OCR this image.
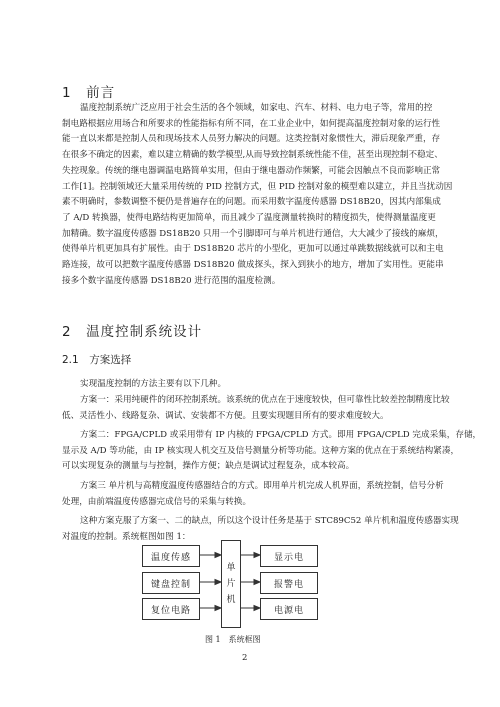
1　前言
温度控制系统广泛应用于社会生活的各个领域，如家电、汽车、材料、电力电子等，常用的控
制电路根据应用场合和所要求的性能指标有所不同，在工业企业中，如何提高温度控制对象的运行性
能一直以来都是控制人员和现场技术人员努力解决的问题。这类控制对象惯性大，滞后现象严重，存
在很多不确定的因素，难以建立精确的数学模型,从而导致控制系统性能不佳，甚至出现控制不稳定、
失控现象。传统的继电器调温电路简单实用，但由于继电器动作频繁，可能会因触点不良而影响正常
工作[1]。控制领域还大量采用传统的 PID 控制方式，但 PID 控制对象的模型难以建立，并且当扰动因
素不明确时，参数调整不便仍是普遍存在的问题。而采用数字温度传感器 DS18B20，因其内部集成
了 A/D 转换器，使得电路结构更加简单，而且减少了温度测量转换时的精度损失，使得测量温度更
加精确。数字温度传感器 DS18B20 只用一个引脚即可与单片机进行通信，大大减少了接线的麻烦，
使得单片机更加具有扩展性。由于 DS18B20 芯片的小型化，更加可以通过单跳数据线就可以和主电
路连接，故可以把数字温度传感器 DS18B20 做成探头，探入到狭小的地方，增加了实用性。更能串
接多个数字温度传感器 DS18B20 进行范围的温度检测。
2　温度控制系统设计
2.1　方案选择
实现温度控制的方法主要有以下几种。
方案一：采用纯硬件的闭环控制系统。该系统的优点在于速度较快，但可靠性比较差控制精度比较
低、灵活性小、线路复杂、调试、安装都不方便。且要实现题目所有的要求难度较大。
方案二：FPGA/CPLD 或采用带有 IP 内核的 FPGA/CPLD 方式。即用 FPGA/CPLD 完成采集，存储，
显示及 A/D 等功能，由 IP 核实现人机交互及信号测量分析等功能。这种方案的优点在于系统结构紧凑，
可以实现复杂的测量与与控制，操作方便；缺点是调试过程复杂，成本较高。
方案三 单片机与高精度温度传感器结合的方式。即用单片机完成人机界面，系统控制，信号分析
处理，由前端温度传感器完成信号的采集与转换。
这种方案克服了方案一、二的缺点，所以这个设计任务是基于 STC89C52 单片机和温度传感器实现
对温度的控制。系统框图如图 1：
温度传感
键盘控制
复位电路
单
片
机
显示电
报警电
电源电
图 1　系统框图
2
